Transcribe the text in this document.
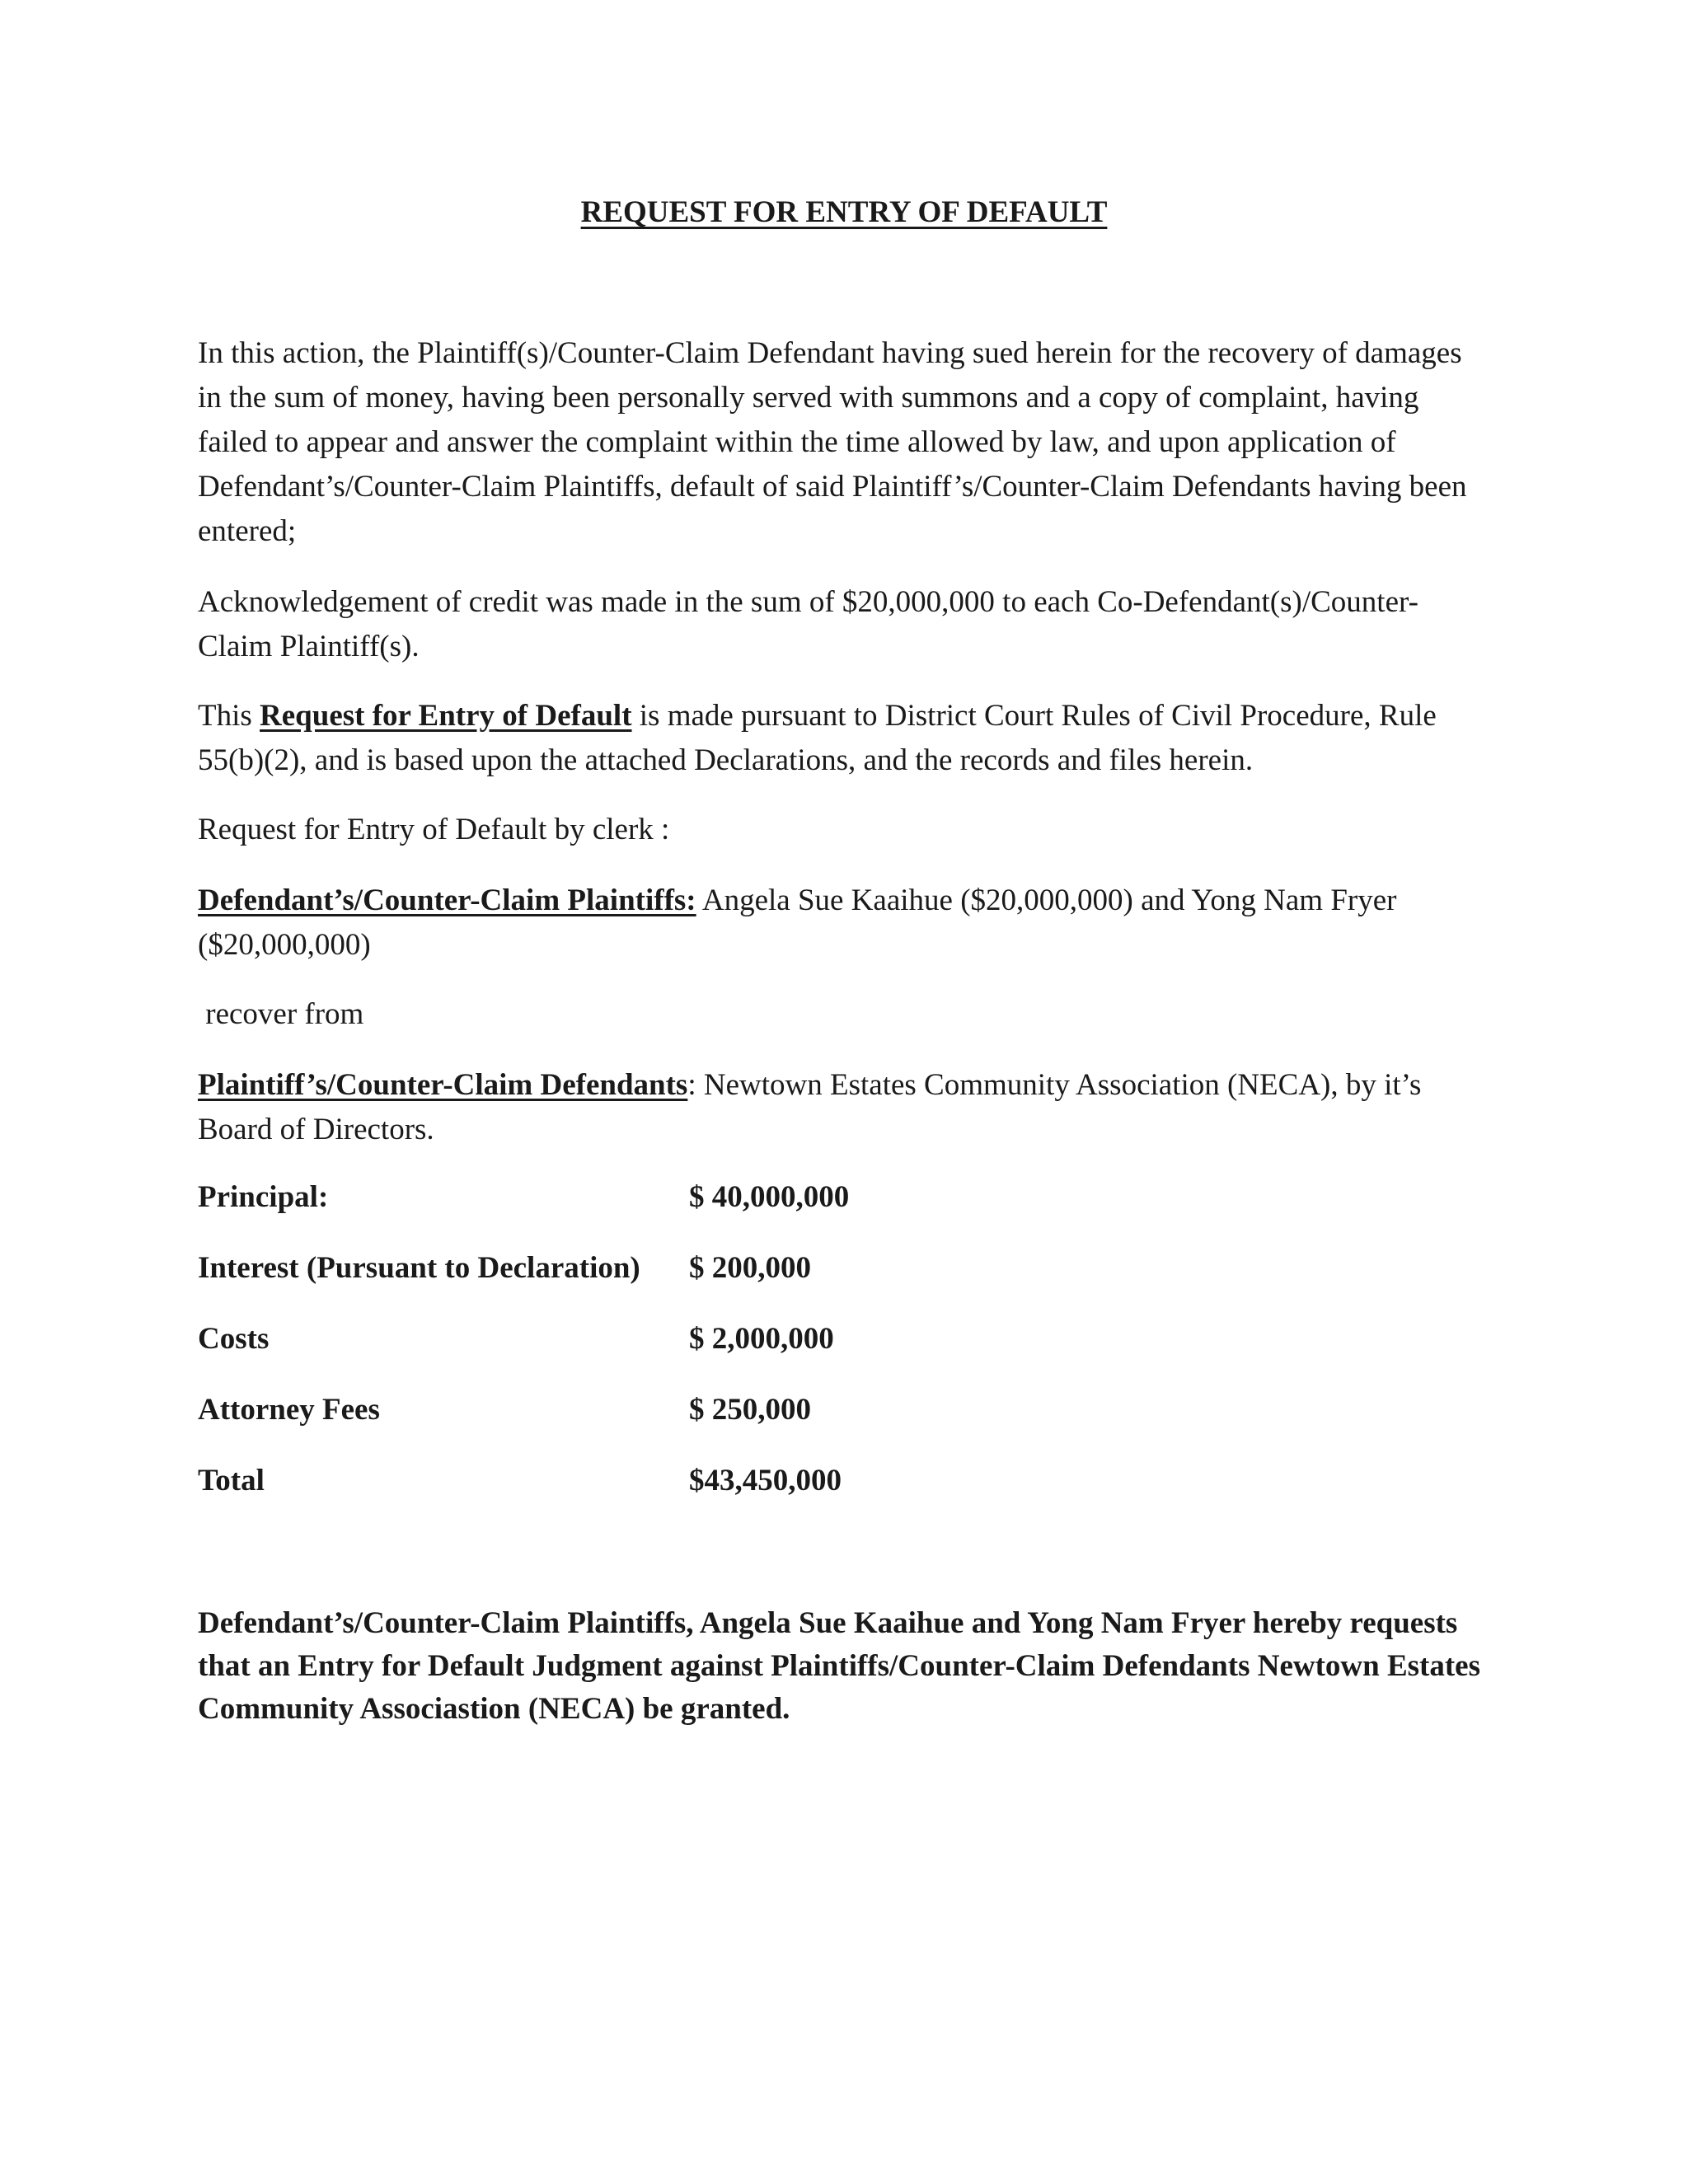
REQUEST FOR ENTRY OF DEFAULT

In this action, the Plaintiff(s)/Counter-Claim Defendant having sued herein for the recovery of damages in the sum of money, having been personally served with summons and a copy of complaint, having failed to appear and answer the complaint within the time allowed by law, and upon application of Defendant’s/Counter-Claim Plaintiffs, default of said Plaintiff’s/Counter-Claim Defendants having been entered;

Acknowledgement of credit was made in the sum of $20,000,000 to each Co-Defendant(s)/Counter-Claim Plaintiff(s).

This Request for Entry of Default is made pursuant to District Court Rules of Civil Procedure, Rule 55(b)(2), and is based upon the attached Declarations, and the records and files herein.

Request for Entry of Default by clerk :

Defendant’s/Counter-Claim Plaintiffs: Angela Sue Kaaihue ($20,000,000) and Yong Nam Fryer ($20,000,000)

recover from

Plaintiff’s/Counter-Claim Defendants: Newtown Estates Community Association (NECA), by it’s Board of Directors.

Principal:	$ 40,000,000
Interest (Pursuant to Declaration)	$ 200,000
Costs	$ 2,000,000
Attorney Fees	$ 250,000
Total	$43,450,000

Defendant’s/Counter-Claim Plaintiffs, Angela Sue Kaaihue and Yong Nam Fryer hereby requests that an Entry for Default Judgment against Plaintiffs/Counter-Claim Defendants Newtown Estates Community Associastion (NECA) be granted.
